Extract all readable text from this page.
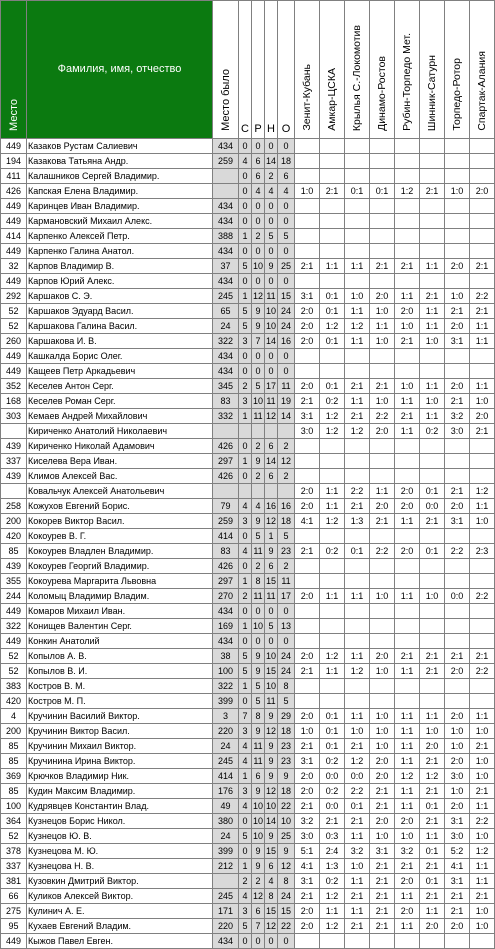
Место	Фамилия, имя, отчество	Место было	С	Р	Н	О	Зенит-Кубань	Амкар-ЦСКА	Крылья С.-Локомотив	Динамо-Ростов	Рубин-Торпедо Мет.	Шинник-Сатурн	Торпедо-Ротор	Спартак-Алания
449	Казаков Рустам Салиевич	434	0	0	0	0								
194	Казакова Татьяна Андр.	259	4	6	14	18								
411	Калашников Сергей Владимир.		0	6	2	6								
426	Капская Елена Владимир.		0	4	4	4	1:0	2:1	0:1	0:1	1:2	2:1	1:0	2:0
449	Каринцев Иван Владимир.	434	0	0	0	0								
449	Кармановский Михаил Алекс.	434	0	0	0	0								
414	Карпенко Алексей Петр.	388	1	2	5	5								
449	Карпенко Галина Анатол.	434	0	0	0	0								
32	Карпов Владимир В.	37	5	10	9	25	2:1	1:1	1:1	2:1	2:1	1:1	2:0	2:1
449	Карпов Юрий Алекс.	434	0	0	0	0								
292	Каршаков С. Э.	245	1	12	11	15	3:1	0:1	1:0	2:0	1:1	2:1	1:0	2:2
52	Каршаков Эдуард Васил.	65	5	9	10	24	2:0	0:1	1:1	1:0	2:0	1:1	2:1	2:1
52	Каршакова Галина Васил.	24	5	9	10	24	2:0	1:2	1:2	1:1	1:0	1:1	2:0	1:1
260	Каршакова И. В.	322	3	7	14	16	2:0	0:1	1:1	1:0	2:1	1:0	3:1	1:1
449	Кашкалда Борис Олег.	434	0	0	0	0								
449	Кащеев Петр Аркадьевич	434	0	0	0	0								
352	Кеселев Антон Серг.	345	2	5	17	11	2:0	0:1	2:1	2:1	1:0	1:1	2:0	1:1
168	Кеселев Роман Серг.	83	3	10	11	19	2:1	0:2	1:1	1:0	1:1	1:0	2:1	1:0
303	Кемаев Андрей Михайлович	332	1	11	12	14	3:1	1:2	2:1	2:2	2:1	1:1	3:2	2:0
	Кириченко Анатолий Николаевич						3:0	1:2	1:2	2:0	1:1	0:2	3:0	2:1
439	Кириченко Николай Адамович	426	0	2	6	2								
337	Киселева Вера Иван.	297	1	9	14	12								
439	Климов Алексей Вас.	426	0	2	6	2								
	Ковальчук Алексей Анатольевич						2:0	1:1	2:2	1:1	2:0	0:1	2:1	1:2
258	Кожухов Евгений Борис.	79	4	4	16	16	2:0	1:1	2:1	2:0	2:0	0:0	2:0	1:1
200	Кокорев Виктор Васил.	259	3	9	12	18	4:1	1:2	1:3	2:1	1:1	2:1	3:1	1:0
420	Кокоурев В. Г.	414	0	5	1	5								
85	Кокоурев Владлен Владимир.	83	4	11	9	23	2:1	0:2	0:1	2:2	2:0	0:1	2:2	2:3
439	Кокоурев Георгий Владимир.	426	0	2	6	2								
355	Кокоурева Маргарита Львовна	297	1	8	15	11								
244	Коломыц Владимир Владим.	270	2	11	11	17	2:0	1:1	1:1	1:0	1:1	1:0	0:0	2:2
449	Комаров Михаил Иван.	434	0	0	0	0								
322	Конищев Валентин Серг.	169	1	10	5	13								
449	Конкин Анатолий	434	0	0	0	0								
52	Копылов А. В.	38	5	9	10	24	2:0	1:2	1:1	2:0	2:1	2:1	2:1	2:1
52	Копылов В. И.	100	5	9	15	24	2:1	1:1	1:2	1:0	1:1	2:1	2:0	2:2
383	Костров В. М.	322	1	5	10	8								
420	Костров М. П.	399	0	5	11	5								
4	Кручинин Василий Виктор.	3	7	8	9	29	2:0	0:1	1:1	1:0	1:1	1:1	2:0	1:1
200	Кручинин Виктор Васил.	220	3	9	12	18	1:0	0:1	1:0	1:0	1:1	1:0	1:0	1:0
85	Кручинин Михаил Виктор.	24	4	11	9	23	2:1	0:1	2:1	1:0	1:1	2:0	1:0	2:1
85	Кручинина Ирина Виктор.	245	4	11	9	23	3:1	0:2	1:2	2:0	1:1	2:1	2:0	1:0
369	Крючков Владимир Ник.	414	1	6	9	9	2:0	0:0	0:0	2:0	1:2	1:2	3:0	1:0
85	Кудин Максим Владимир.	176	3	9	12	18	2:0	0:2	2:2	2:1	1:1	2:1	1:0	2:1
100	Кудрявцев Константин Влад.	49	4	10	10	22	2:1	0:0	0:1	2:1	1:1	0:1	2:0	1:1
364	Кузнецов Борис Никол.	380	0	10	14	10	3:2	2:1	2:1	2:0	2:0	2:1	3:1	2:2
52	Кузнецов Ю. В.	24	5	10	9	25	3:0	0:3	1:1	1:0	1:0	1:1	3:0	1:0
378	Кузнецова М. Ю.	399	0	9	15	9	5:1	2:4	3:2	3:1	3:2	0:1	5:2	1:2
337	Кузнецова Н. В.	212	1	9	6	12	4:1	1:3	1:0	2:1	2:1	2:1	4:1	1:1
381	Кузовкин Дмитрий Виктор.		2	2	4	8	3:1	0:2	1:1	2:1	2:0	0:1	3:1	1:1
66	Куликов Алексей Виктор.	245	4	12	8	24	2:1	1:2	2:1	2:1	1:1	2:1	2:1	2:1
275	Кулинич А. Е.	171	3	6	15	15	2:0	1:1	1:1	2:1	2:0	1:1	2:1	1:0
95	Кухаев Евгений Владим.	220	5	7	12	22	2:0	1:2	2:1	2:1	1:1	2:0	2:0	1:0
449	Кыжов Павел Евген.	434	0	0	0	0								
